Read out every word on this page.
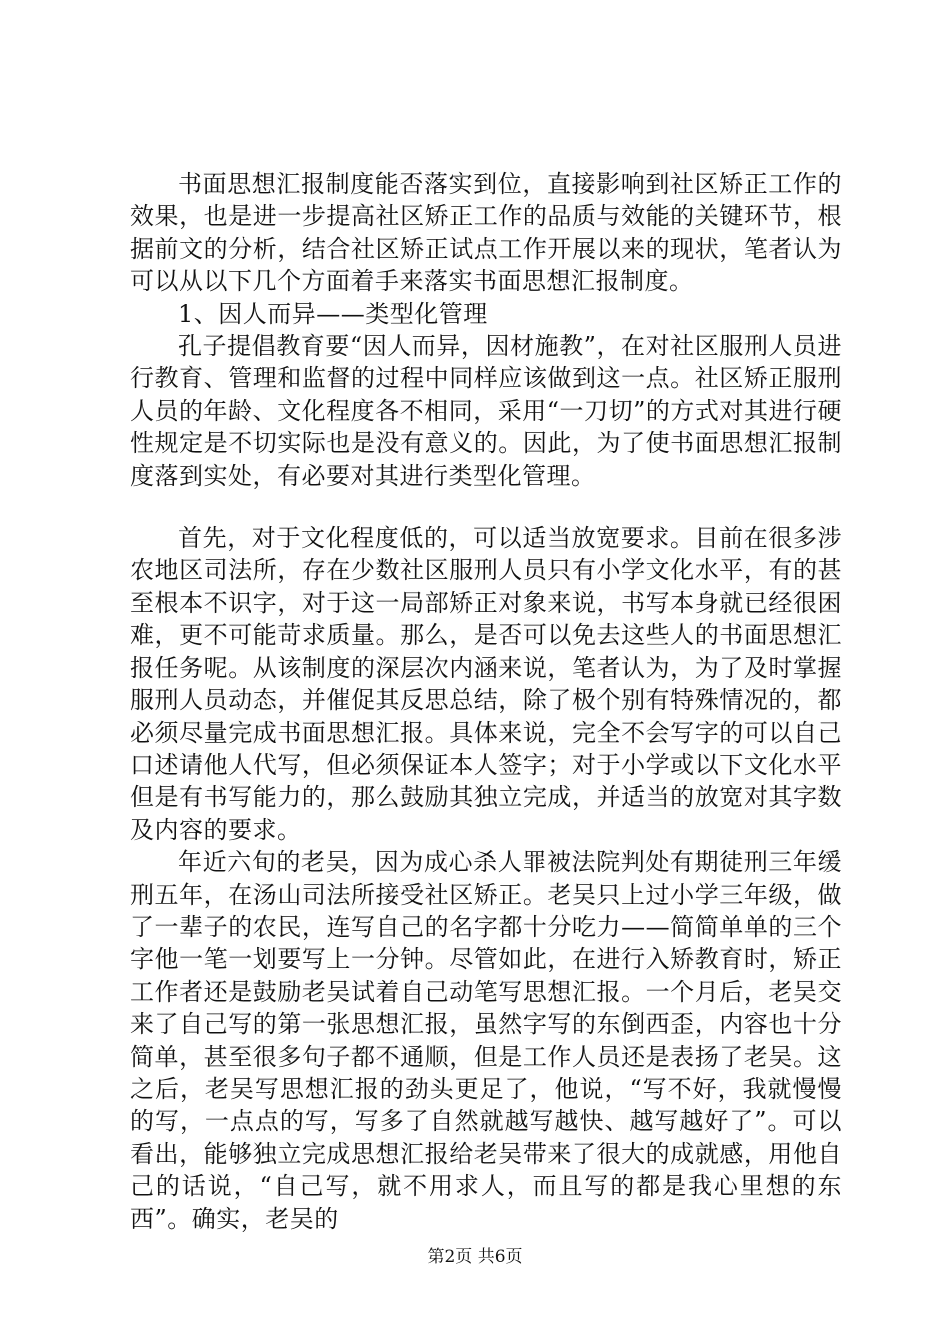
书面思想汇报制度能否落实到位，直接影响到社区矫正工作的效果，也是进一步提高社区矫正工作的品质与效能的关键环节，根据前文的分析，结合社区矫正试点工作开展以来的现状，笔者认为可以从以下几个方面着手来落实书面思想汇报制度。

1、因人而异——类型化管理

孔子提倡教育要“因人而异，因材施教”，在对社区服刑人员进行教育、管理和监督的过程中同样应该做到这一点。社区矫正服刑人员的年龄、文化程度各不相同，采用“一刀切”的方式对其进行硬性规定是不切实际也是没有意义的。因此，为了使书面思想汇报制度落到实处，有必要对其进行类型化管理。

首先，对于文化程度低的，可以适当放宽要求。目前在很多涉农地区司法所，存在少数社区服刑人员只有小学文化水平，有的甚至根本不识字，对于这一局部矫正对象来说，书写本身就已经很困难，更不可能苛求质量。那么，是否可以免去这些人的书面思想汇报任务呢。从该制度的深层次内涵来说，笔者认为，为了及时掌握服刑人员动态，并催促其反思总结，除了极个别有特殊情况的，都必须尽量完成书面思想汇报。具体来说，完全不会写字的可以自己口述请他人代写，但必须保证本人签字；对于小学或以下文化水平但是有书写能力的，那么鼓励其独立完成，并适当的放宽对其字数及内容的要求。

年近六旬的老吴，因为成心杀人罪被法院判处有期徒刑三年缓刑五年，在汤山司法所接受社区矫正。老吴只上过小学三年级，做了一辈子的农民，连写自己的名字都十分吃力——简简单单的三个字他一笔一划要写上一分钟。尽管如此，在进行入矫教育时，矫正工作者还是鼓励老吴试着自己动笔写思想汇报。一个月后，老吴交来了自己写的第一张思想汇报，虽然字写的东倒西歪，内容也十分简单，甚至很多句子都不通顺，但是工作人员还是表扬了老吴。这之后，老吴写思想汇报的劲头更足了，他说，“写不好，我就慢慢的写，一点点的写，写多了自然就越写越快、越写越好了”。可以看出，能够独立完成思想汇报给老吴带来了很大的成就感，用他自己的话说，“自己写，就不用求人，而且写的都是我心里想的东西”。确实，老吴的

第2页 共6页
